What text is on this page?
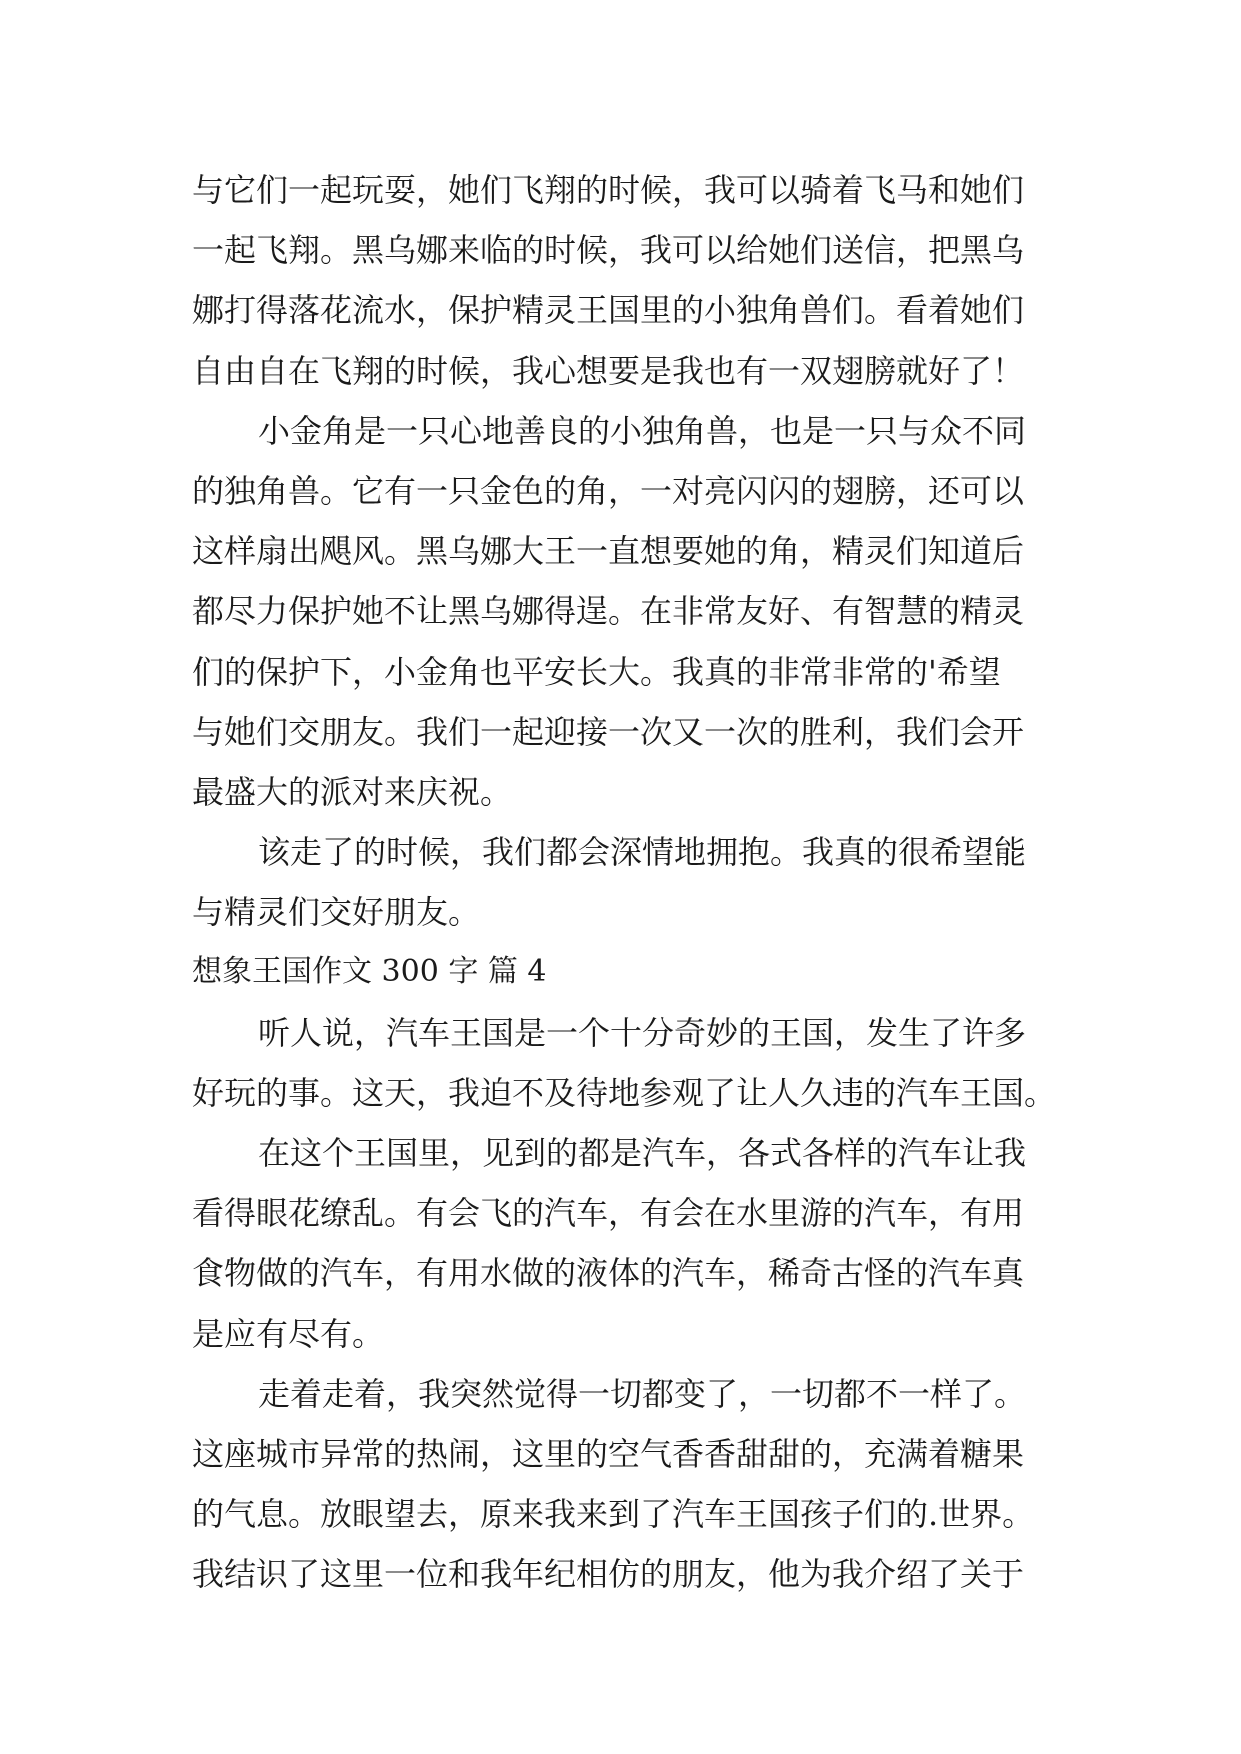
与它们一起玩耍，她们飞翔的时候，我可以骑着飞马和她们
一起飞翔。黑乌娜来临的时候，我可以给她们送信，把黑乌
娜打得落花流水，保护精灵王国里的小独角兽们。看着她们
自由自在飞翔的时候，我心想要是我也有一双翅膀就好了！
小金角是一只心地善良的小独角兽，也是一只与众不同
的独角兽。它有一只金色的角，一对亮闪闪的翅膀，还可以
这样扇出飓风。黑乌娜大王一直想要她的角，精灵们知道后
都尽力保护她不让黑乌娜得逞。在非常友好、有智慧的精灵
们的保护下，小金角也平安长大。我真的非常非常的'希望
与她们交朋友。我们一起迎接一次又一次的胜利，我们会开
最盛大的派对来庆祝。
该走了的时候，我们都会深情地拥抱。我真的很希望能
与精灵们交好朋友。
想象王国作文 300 字 篇 4
听人说，汽车王国是一个十分奇妙的王国，发生了许多
好玩的事。这天，我迫不及待地参观了让人久违的汽车王国。
在这个王国里，见到的都是汽车，各式各样的汽车让我
看得眼花缭乱。有会飞的汽车，有会在水里游的汽车，有用
食物做的汽车，有用水做的液体的汽车，稀奇古怪的汽车真
是应有尽有。
走着走着，我突然觉得一切都变了，一切都不一样了。
这座城市异常的热闹，这里的空气香香甜甜的，充满着糖果
的气息。放眼望去，原来我来到了汽车王国孩子们的.世界。
我结识了这里一位和我年纪相仿的朋友，他为我介绍了关于
